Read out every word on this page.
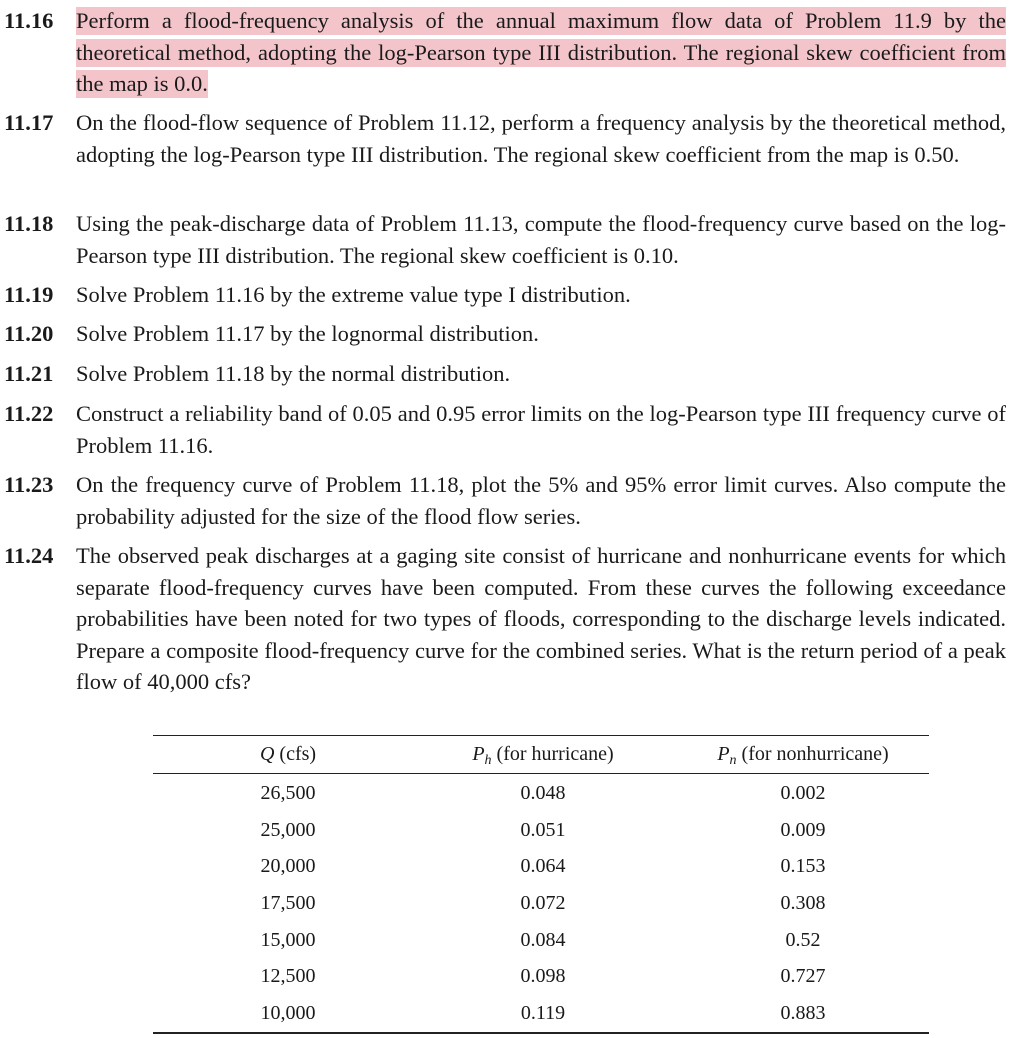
11.16	Perform a flood-frequency analysis of the annual maximum flow data of Problem 11.9 by the theoretical method, adopting the log-Pearson type III distribution. The regional skew coefficient from the map is 0.0.
11.17	On the flood-flow sequence of Problem 11.12, perform a frequency analysis by the theoretical method, adopting the log-Pearson type III distribution. The regional skew coefficient from the map is 0.50.
11.18	Using the peak-discharge data of Problem 11.13, compute the flood-frequency curve based on the log-Pearson type III distribution. The regional skew coefficient is 0.10.
11.19	Solve Problem 11.16 by the extreme value type I distribution.
11.20	Solve Problem 11.17 by the lognormal distribution.
11.21	Solve Problem 11.18 by the normal distribution.
11.22	Construct a reliability band of 0.05 and 0.95 error limits on the log-Pearson type III frequency curve of Problem 11.16.
11.23	On the frequency curve of Problem 11.18, plot the 5% and 95% error limit curves. Also compute the probability adjusted for the size of the flood flow series.
11.24	The observed peak discharges at a gaging site consist of hurricane and nonhurricane events for which separate flood-frequency curves have been computed. From these curves the following exceedance probabilities have been noted for two types of floods, corresponding to the discharge levels indicated. Prepare a composite flood-frequency curve for the combined series. What is the return period of a peak flow of 40,000 cfs?
Q (cfs)	$P_h$ (for hurricane)	$P_n$ (for nonhurricane)
26,500	0.048	0.002
25,000	0.051	0.009
20,000	0.064	0.153
17,500	0.072	0.308
15,000	0.084	0.52
12,500	0.098	0.727
10,000	0.119	0.883
